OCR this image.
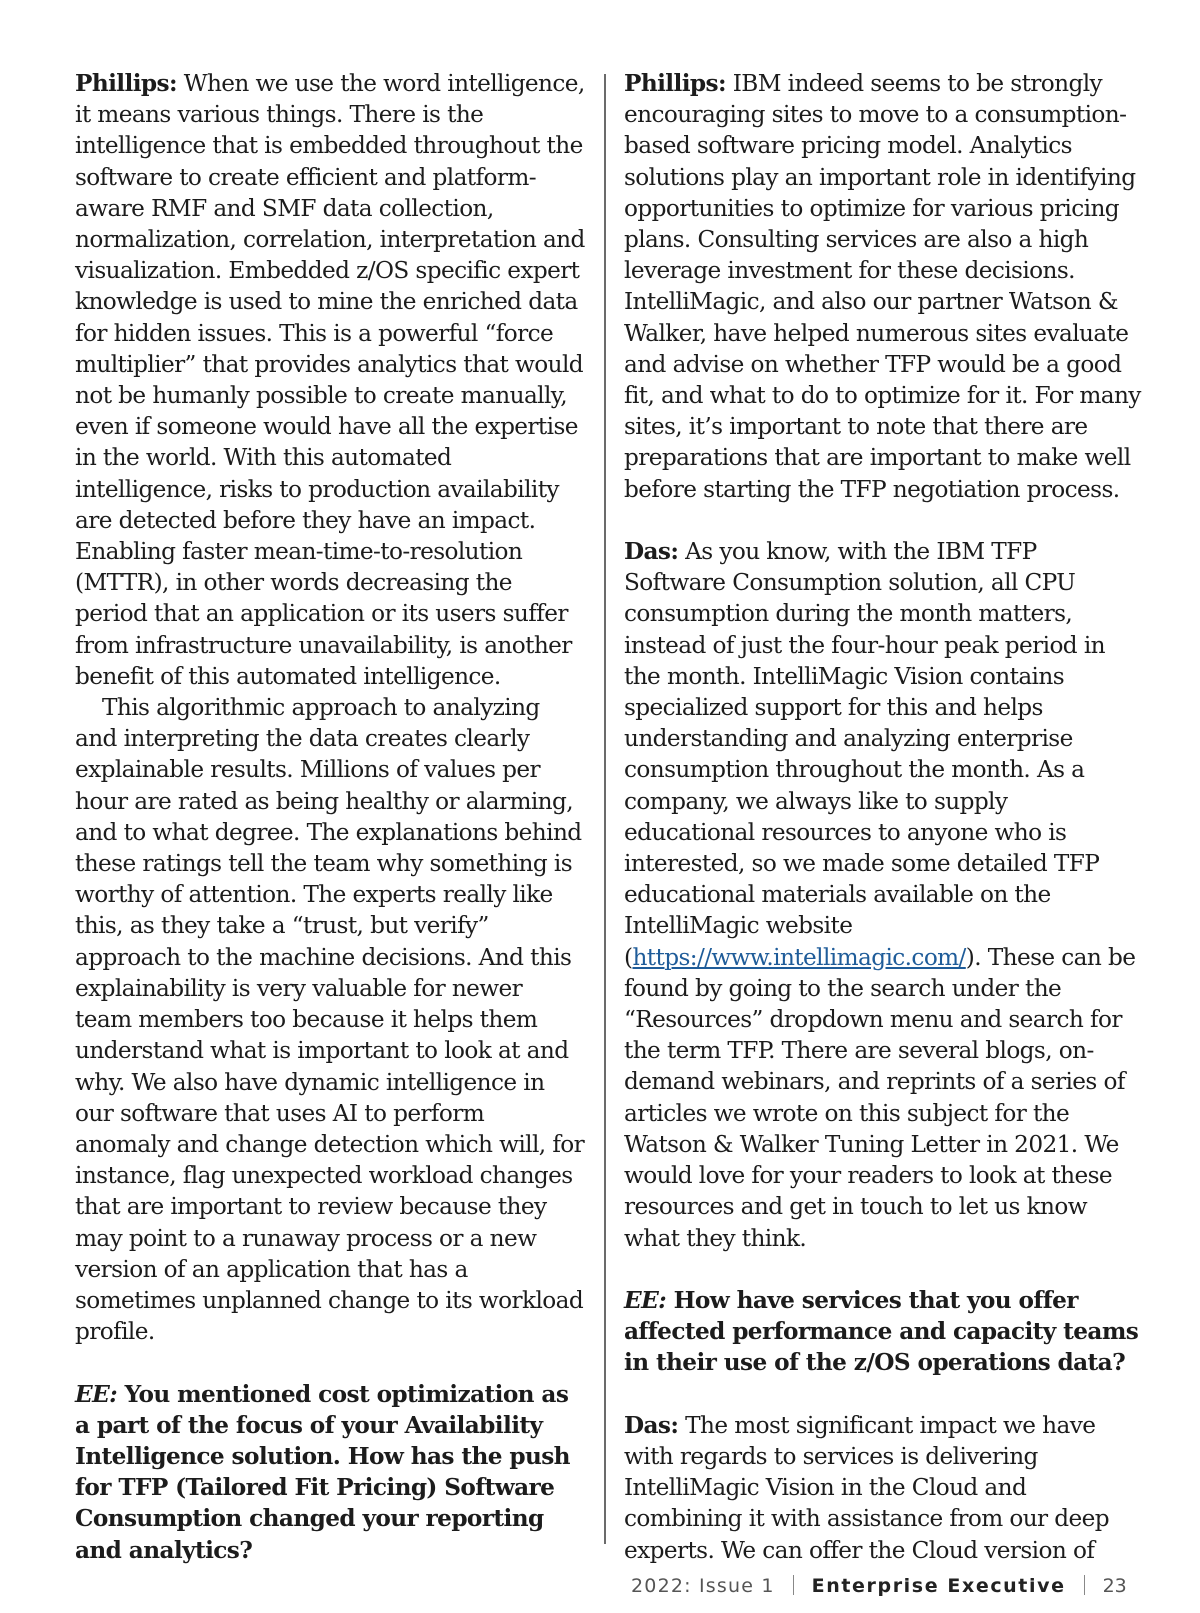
Phillips: When we use the word intelligence, it means various things. There is the intelligence that is embedded throughout the software to create efficient and platform-aware RMF and SMF data collection, normalization, correlation, interpretation and visualization. Embedded z/OS specific expert knowledge is used to mine the enriched data for hidden issues. This is a powerful “force multiplier” that provides analytics that would not be humanly possible to create manually, even if someone would have all the expertise in the world. With this automated intelligence, risks to production availability are detected before they have an impact. Enabling faster mean-time-to-resolution (MTTR), in other words decreasing the period that an application or its users suffer from infrastructure unavailability, is another benefit of this automated intelligence.

This algorithmic approach to analyzing and interpreting the data creates clearly explainable results. Millions of values per hour are rated as being healthy or alarming, and to what degree. The explanations behind these ratings tell the team why something is worthy of attention. The experts really like this, as they take a “trust, but verify” approach to the machine decisions. And this explainability is very valuable for newer team members too because it helps them understand what is important to look at and why. We also have dynamic intelligence in our software that uses AI to perform anomaly and change detection which will, for instance, flag unexpected workload changes that are important to review because they may point to a runaway process or a new version of an application that has a sometimes unplanned change to its workload profile.

EE: You mentioned cost optimization as a part of the focus of your Availability Intelligence solution. How has the push for TFP (Tailored Fit Pricing) Software Consumption changed your reporting and analytics?

Phillips: IBM indeed seems to be strongly encouraging sites to move to a consumption-based software pricing model. Analytics solutions play an important role in identifying opportunities to optimize for various pricing plans. Consulting services are also a high leverage investment for these decisions. IntelliMagic, and also our partner Watson & Walker, have helped numerous sites evaluate and advise on whether TFP would be a good fit, and what to do to optimize for it. For many sites, it’s important to note that there are preparations that are important to make well before starting the TFP negotiation process.

Das: As you know, with the IBM TFP Software Consumption solution, all CPU consumption during the month matters, instead of just the four-hour peak period in the month. IntelliMagic Vision contains specialized support for this and helps understanding and analyzing enterprise consumption throughout the month. As a company, we always like to supply educational resources to anyone who is interested, so we made some detailed TFP educational materials available on the IntelliMagic website (https://www.intellimagic.com/). These can be found by going to the search under the “Resources” dropdown menu and search for the term TFP. There are several blogs, on-demand webinars, and reprints of a series of articles we wrote on this subject for the Watson & Walker Tuning Letter in 2021. We would love for your readers to look at these resources and get in touch to let us know what they think.

EE: How have services that you offer affected performance and capacity teams in their use of the z/OS operations data?

Das: The most significant impact we have with regards to services is delivering IntelliMagic Vision in the Cloud and combining it with assistance from our deep experts. We can offer the Cloud version of

2022: Issue 1 Enterprise Executive 23
